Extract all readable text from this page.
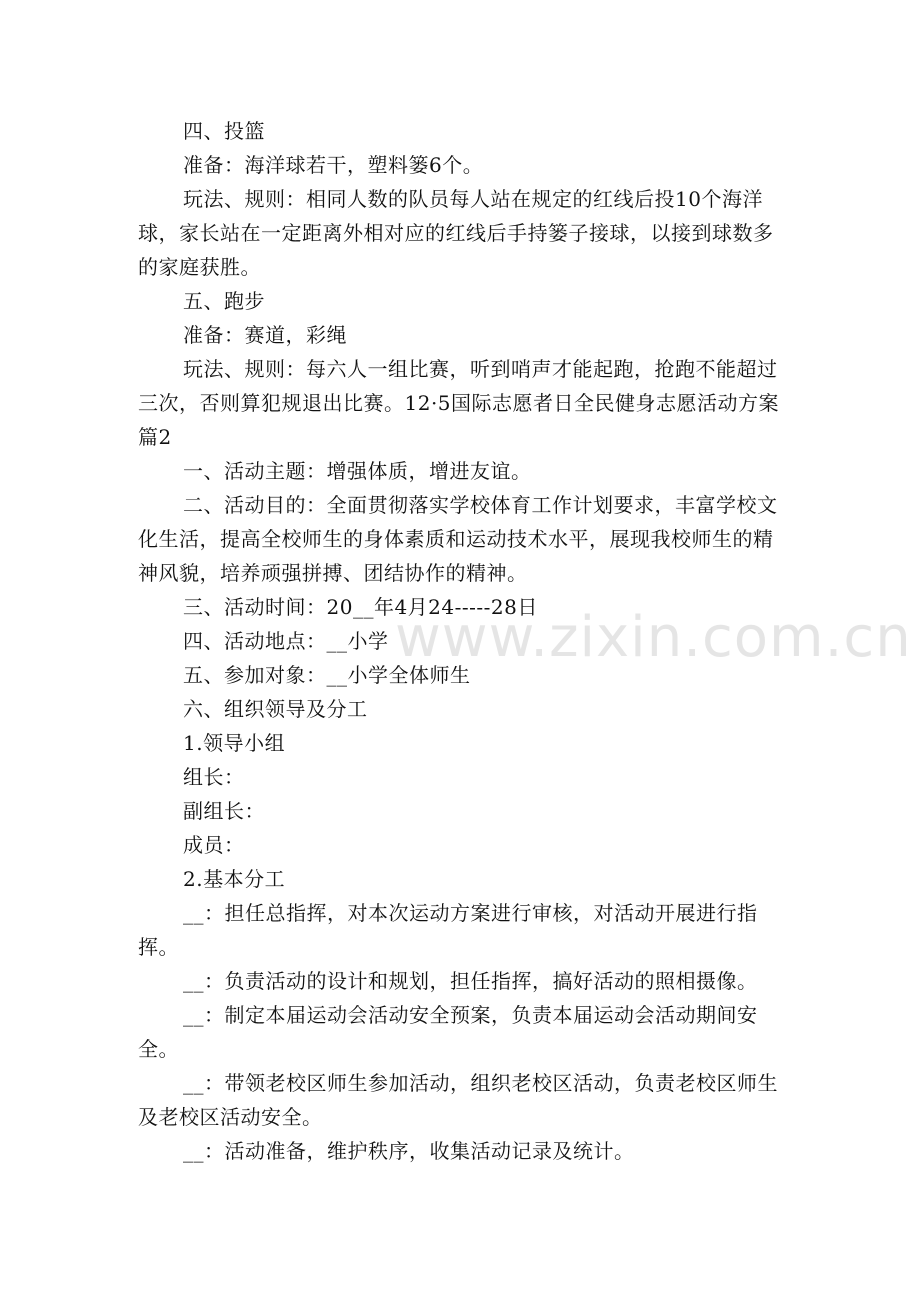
四、投篮

准备：海洋球若干，塑料篓6个。

玩法、规则：相同人数的队员每人站在规定的红线后投10个海洋球，家长站在一定距离外相对应的红线后手持篓子接球，以接到球数多的家庭获胜。

五、跑步

准备：赛道，彩绳

玩法、规则：每六人一组比赛，听到哨声才能起跑，抢跑不能超过三次，否则算犯规退出比赛。12·5国际志愿者日全民健身志愿活动方案篇2

一、活动主题：增强体质，增进友谊。

二、活动目的：全面贯彻落实学校体育工作计划要求，丰富学校文化生活，提高全校师生的身体素质和运动技术水平，展现我校师生的精神风貌，培养顽强拼搏、团结协作的精神。

三、活动时间：20__年4月24-----28日

四、活动地点：__小学

五、参加对象：__小学全体师生

六、组织领导及分工

1.领导小组

组长：

副组长：

成员：

2.基本分工

__：担任总指挥，对本次运动方案进行审核，对活动开展进行指挥。

__：负责活动的设计和规划，担任指挥，搞好活动的照相摄像。

__：制定本届运动会活动安全预案，负责本届运动会活动期间安全。

__：带领老校区师生参加活动，组织老校区活动，负责老校区师生及老校区活动安全。

__：活动准备，维护秩序，收集活动记录及统计。

www.zixin.com.cn
